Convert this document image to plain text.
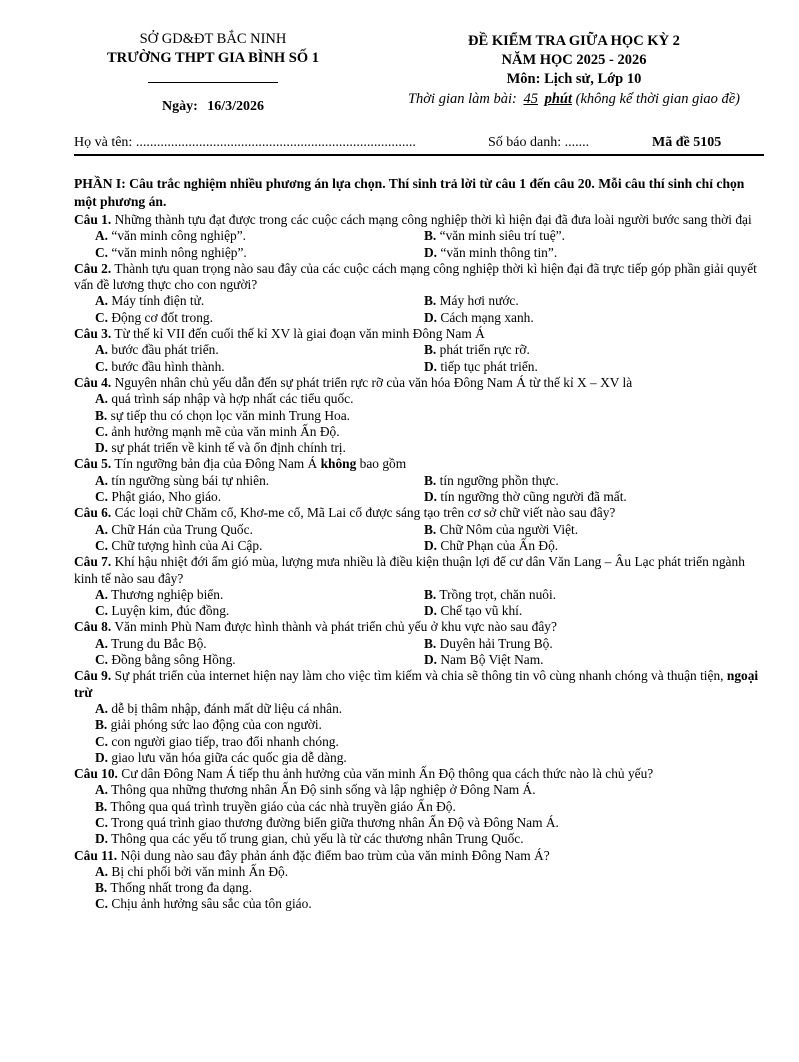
SỞ GD&ĐT BẮC NINH
TRƯỜNG THPT GIA BÌNH SỐ 1
Ngày: 16/3/2026
ĐỀ KIỂM TRA GIỮA HỌC KỲ 2
NĂM HỌC 2025 - 2026
Môn: Lịch sử, Lớp 10
Thời gian làm bài: 45 phút (không kể thời gian giao đề)
Họ và tên: ................................................................................	Số báo danh: .......	Mã đề 5105
PHẦN I: Câu trắc nghiệm nhiều phương án lựa chọn. Thí sinh trả lời từ câu 1 đến câu 20. Mỗi câu thí sinh chỉ chọn một phương án.
Câu 1. Những thành tựu đạt được trong các cuộc cách mạng công nghiệp thời kì hiện đại đã đưa loài người bước sang thời đại
A. “văn minh công nghiệp”.	B. “văn minh siêu trí tuệ”.
C. “văn minh nông nghiệp”.	D. “văn minh thông tin”.
Câu 2. Thành tựu quan trọng nào sau đây của các cuộc cách mạng công nghiệp thời kì hiện đại đã trực tiếp góp phần giải quyết vấn đề lương thực cho con người?
A. Máy tính điện tử.	B. Máy hơi nước.
C. Động cơ đốt trong.	D. Cách mạng xanh.
Câu 3. Từ thế kỉ VII đến cuối thế kỉ XV là giai đoạn văn minh Đông Nam Á
A. bước đầu phát triển.	B. phát triển rực rỡ.
C. bước đầu hình thành.	D. tiếp tục phát triển.
Câu 4. Nguyên nhân chủ yếu dẫn đến sự phát triển rực rỡ của văn hóa Đông Nam Á từ thế kỉ X – XV là
A. quá trình sáp nhập và hợp nhất các tiểu quốc.
B. sự tiếp thu có chọn lọc văn minh Trung Hoa.
C. ảnh hưởng mạnh mẽ của văn minh Ấn Độ.
D. sự phát triển về kinh tế và ổn định chính trị.
Câu 5. Tín ngưỡng bản địa của Đông Nam Á không bao gồm
A. tín ngưỡng sùng bái tự nhiên.	B. tín ngưỡng phồn thực.
C. Phật giáo, Nho giáo.	D. tín ngưỡng thờ cũng người đã mất.
Câu 6. Các loại chữ Chăm cổ, Khơ-me cổ, Mã Lai cổ được sáng tạo trên cơ sở chữ viết nào sau đây?
A. Chữ Hán của Trung Quốc.	B. Chữ Nôm của người Việt.
C. Chữ tượng hình của Ai Cập.	D. Chữ Phạn của Ấn Độ.
Câu 7. Khí hậu nhiệt đới ẩm gió mùa, lượng mưa nhiều là điều kiện thuận lợi để cư dân Văn Lang – Âu Lạc phát triển ngành kinh tế nào sau đây?
A. Thương nghiệp biển.	B. Trồng trọt, chăn nuôi.
C. Luyện kim, đúc đồng.	D. Chế tạo vũ khí.
Câu 8. Văn minh Phù Nam được hình thành và phát triển chủ yếu ở khu vực nào sau đây?
A. Trung du Bắc Bộ.	B. Duyên hải Trung Bộ.
C. Đồng bằng sông Hồng.	D. Nam Bộ Việt Nam.
Câu 9. Sự phát triển của internet hiện nay làm cho việc tìm kiếm và chia sẽ thông tin vô cùng nhanh chóng và thuận tiện, ngoại trừ
A. dễ bị thâm nhập, đánh mất dữ liệu cá nhân.
B. giải phóng sức lao động của con người.
C. con người giao tiếp, trao đổi nhanh chóng.
D. giao lưu văn hóa giữa các quốc gia dễ dàng.
Câu 10. Cư dân Đông Nam Á tiếp thu ảnh hưởng của văn minh Ấn Độ thông qua cách thức nào là chủ yếu?
A. Thông qua những thương nhân Ấn Độ sinh sống và lập nghiệp ở Đông Nam Á.
B. Thông qua quá trình truyền giáo của các nhà truyền giáo Ấn Độ.
C. Trong quá trình giao thương đường biển giữa thương nhân Ấn Độ và Đông Nam Á.
D. Thông qua các yếu tố trung gian, chủ yếu là từ các thương nhân Trung Quốc.
Câu 11. Nội dung nào sau đây phản ánh đặc điểm bao trùm của văn minh Đông Nam Á?
A. Bị chi phối bởi văn minh Ấn Độ.
B. Thống nhất trong đa dạng.
C. Chịu ảnh hưởng sâu sắc của tôn giáo.
